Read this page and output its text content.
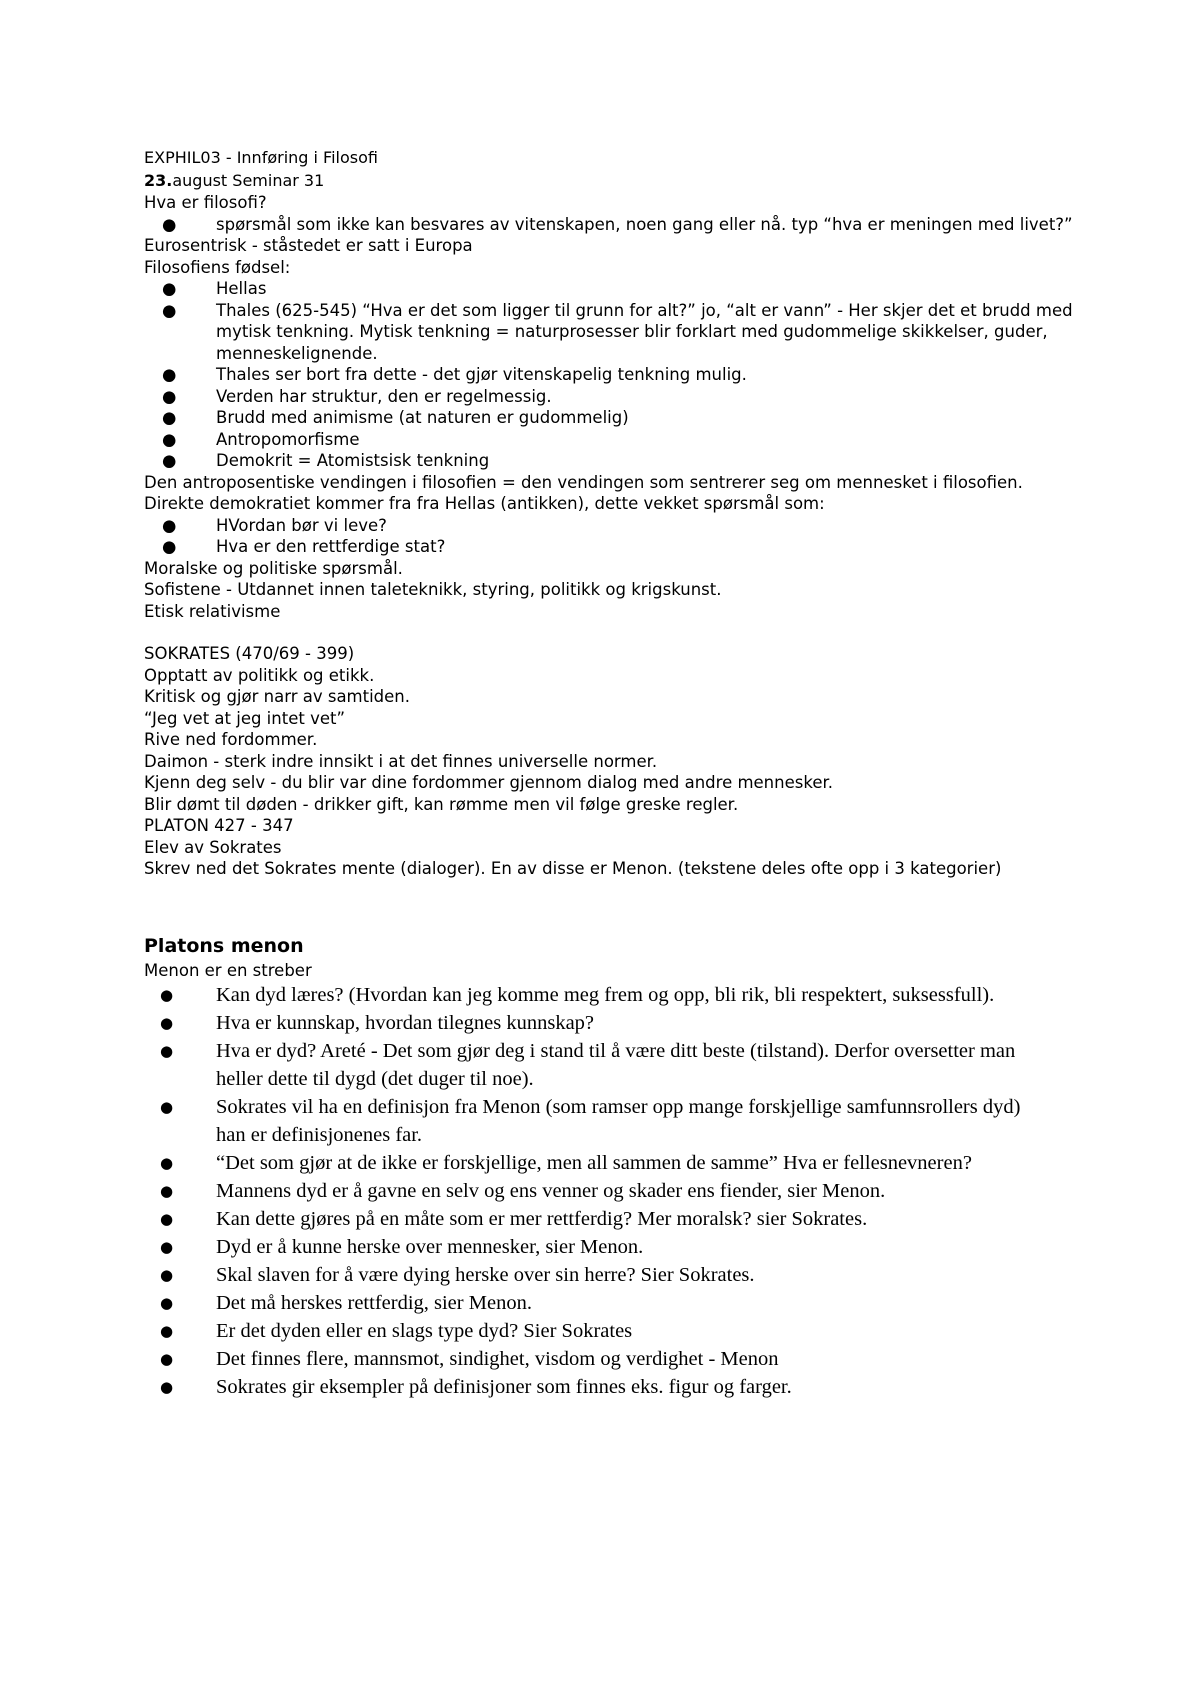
EXPHIL03 - Innføring i Filosofi

23.august Seminar 31

Hva er filosofi?

● spørsmål som ikke kan besvares av vitenskapen, noen gang eller nå. typ “hva er meningen med livet?”

Eurosentrisk - ståstedet er satt i Europa

Filosofiens fødsel:

● Hellas
● Thales (625-545) “Hva er det som ligger til grunn for alt?” jo, “alt er vann” - Her skjer det et brudd med mytisk tenkning. Mytisk tenkning = naturprosesser blir forklart med gudommelige skikkelser, guder, menneskelignende.
● Thales ser bort fra dette - det gjør vitenskapelig tenkning mulig.
● Verden har struktur, den er regelmessig.
● Brudd med animisme (at naturen er gudommelig)
● Antropomorfisme
● Demokrit = Atomistsisk tenkning

Den antroposentiske vendingen i filosofien = den vendingen som sentrerer seg om mennesket i filosofien. Direkte demokratiet kommer fra fra Hellas (antikken), dette vekket spørsmål som:

● HVordan bør vi leve?
● Hva er den rettferdige stat?

Moralske og politiske spørsmål.

Sofistene - Utdannet innen taleteknikk, styring, politikk og krigskunst.

Etisk relativisme

SOKRATES (470/69 - 399)

Opptatt av politikk og etikk.

Kritisk og gjør narr av samtiden.

“Jeg vet at jeg intet vet”

Rive ned fordommer.

Daimon - sterk indre innsikt i at det finnes universelle normer.

Kjenn deg selv - du blir var dine fordommer gjennom dialog med andre mennesker.

Blir dømt til døden - drikker gift, kan rømme men vil følge greske regler.

PLATON 427 - 347

Elev av Sokrates

Skrev ned det Sokrates mente (dialoger). En av disse er Menon. (tekstene deles ofte opp i 3 kategorier)

Platons menon

Menon er en streber

● Kan dyd læres? (Hvordan kan jeg komme meg frem og opp, bli rik, bli respektert, suksessfull).
● Hva er kunnskap, hvordan tilegnes kunnskap?
● Hva er dyd? Areté - Det som gjør deg i stand til å være ditt beste (tilstand). Derfor oversetter man heller dette til dygd (det duger til noe).
● Sokrates vil ha en definisjon fra Menon (som ramser opp mange forskjellige samfunnsrollers dyd) han er definisjonenes far.
● “Det som gjør at de ikke er forskjellige, men all sammen de samme” Hva er fellesnevneren?
● Mannens dyd er å gavne en selv og ens venner og skader ens fiender, sier Menon.
● Kan dette gjøres på en måte som er mer rettferdig? Mer moralsk? sier Sokrates.
● Dyd er å kunne herske over mennesker, sier Menon.
● Skal slaven for å være dying herske over sin herre? Sier Sokrates.
● Det må herskes rettferdig, sier Menon.
● Er det dyden eller en slags type dyd? Sier Sokrates
● Det finnes flere, mannsmot, sindighet, visdom og verdighet - Menon
● Sokrates gir eksempler på definisjoner som finnes eks. figur og farger.
